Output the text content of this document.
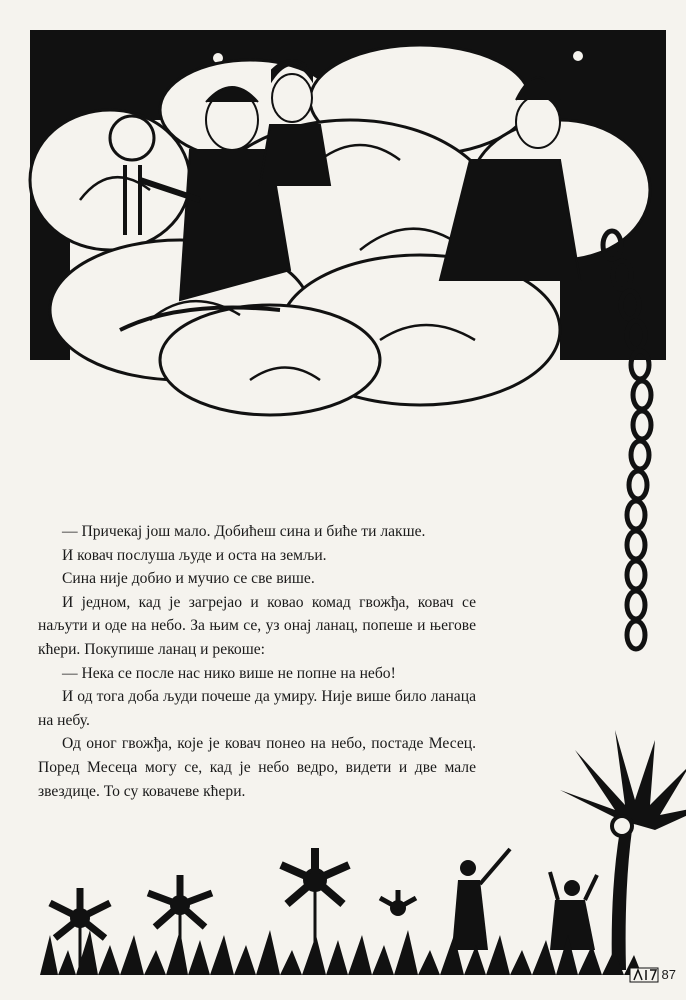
— Причекај још мало. Добићеш сина и биће ти лакше.

И ковач послуша људе и оста на земљи.

Сина није добио и мучио се све више.

И једном, кад је загрејао и ковао комад гвожђа, ковач се наљути и оде на небо. За њим се, уз онај ланац, попеше и његове кћери. Покупише ланац и рекоше:

— Нека се после нас нико више не попне на небо!

И од тога доба људи почеше да умиру. Није више било ланаца на небу.

Од оног гвожђа, које је ковач понео на небо, постаде Месец. Поред Месеца могу се, кад је небо ведро, видети и две мале звездице. То су ковачеве кћери.

87
